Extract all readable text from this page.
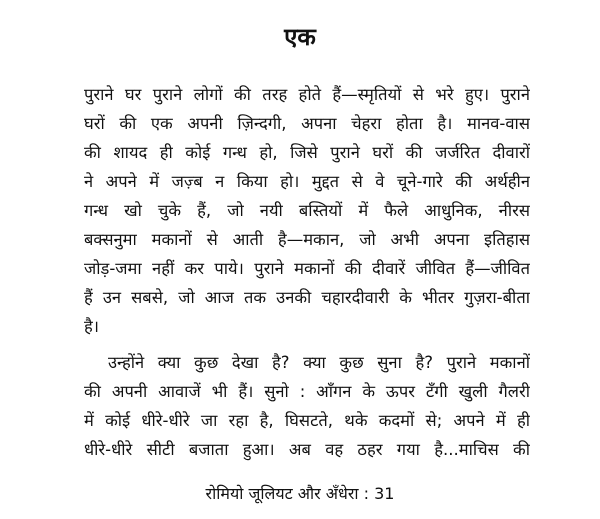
एक
पुराने घर पुराने लोगों की तरह होते हैं—स्मृतियों से भरे हुए। पुराने
घरों की एक अपनी ज़िन्दगी, अपना चेहरा होता है। मानव-वास
की शायद ही कोई गन्ध हो, जिसे पुराने घरों की जर्जरित दीवारों
ने अपने में जज़्ब न किया हो। मुद्दत से वे चूने-गारे की अर्थहीन
गन्ध खो चुके हैं, जो नयी बस्तियों में फैले आधुनिक, नीरस
बक्सनुमा मकानों से आती है—मकान, जो अभी अपना इतिहास
जोड़-जमा नहीं कर पाये। पुराने मकानों की दीवारें जीवित हैं—जीवित
हैं उन सबसे, जो आज तक उनकी चहारदीवारी के भीतर गुज़रा-बीता
है।
उन्होंने क्या कुछ देखा है? क्या कुछ सुना है? पुराने मकानों
की अपनी आवाजें भी हैं। सुनो : आँगन के ऊपर टँगी खुली गैलरी
में कोई धीरे-धीरे जा रहा है, घिसटते, थके कदमों से; अपने में ही
धीरे-धीरे सीटी बजाता हुआ। अब वह ठहर गया है...माचिस की
रोमियो जूलियट और अँधेरा : 31
